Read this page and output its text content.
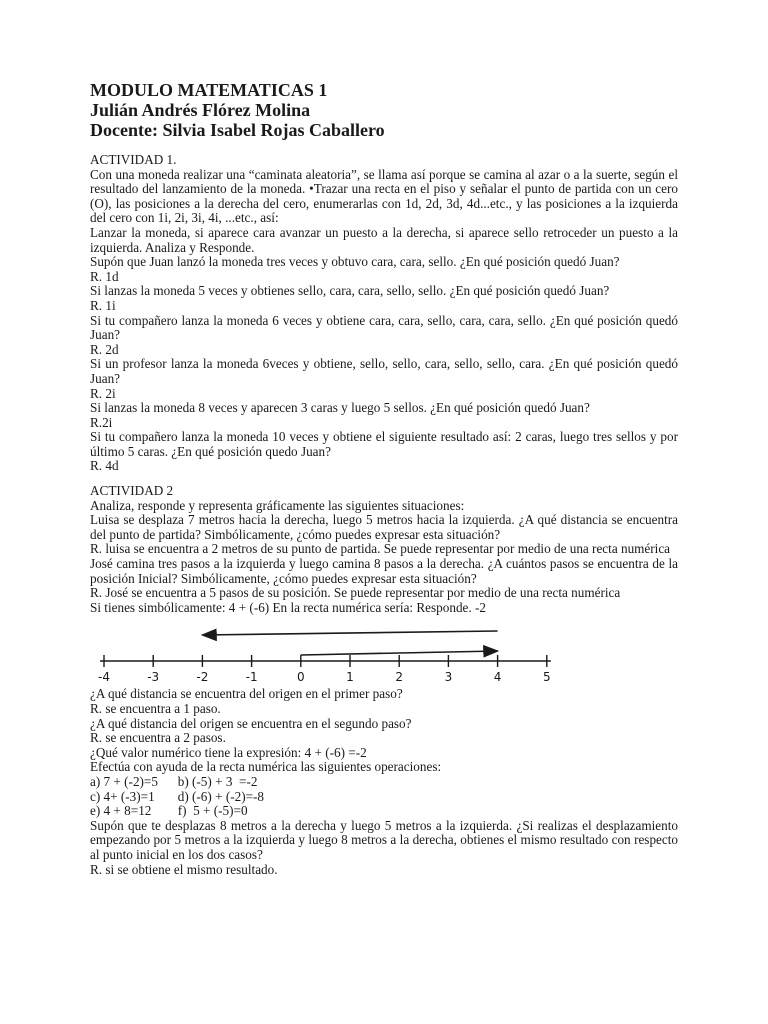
MODULO MATEMATICAS 1

Julián Andrés Flórez Molina

Docente: Silvia Isabel Rojas Caballero

ACTIVIDAD 1.

Con una moneda realizar una “caminata aleatoria”, se llama así porque se camina al azar o a la suerte, según el resultado del lanzamiento de la moneda. •Trazar una recta en el piso y señalar el punto de partida con un cero (O), las posiciones a la derecha del cero, enumerarlas con 1d, 2d, 3d, 4d...etc., y las posiciones a la izquierda del cero con 1i, 2i, 3i, 4i, ...etc., así:

Lanzar la moneda, si aparece cara avanzar un puesto a la derecha, si aparece sello retroceder un puesto a la izquierda. Analiza y Responde.

Supón que Juan lanzó la moneda tres veces y obtuvo cara, cara, sello. ¿En qué posición quedó Juan?

R. 1d

Si lanzas la moneda 5 veces y obtienes sello, cara, cara, sello, sello. ¿En qué posición quedó Juan?

R. 1i

Si tu compañero lanza la moneda 6 veces y obtiene cara, cara, sello, cara, cara, sello. ¿En qué posición quedó Juan?

R. 2d

Si un profesor lanza la moneda 6veces y obtiene, sello, sello, cara, sello, sello, cara. ¿En qué posición quedó Juan?

R. 2i

Si lanzas la moneda 8 veces y aparecen 3 caras y luego 5 sellos. ¿En qué posición quedó Juan?

R.2i

Si tu compañero lanza la moneda 10 veces y obtiene el siguiente resultado así: 2 caras, luego tres sellos y por último 5 caras. ¿En qué posición quedo Juan?

R. 4d

ACTIVIDAD 2

Analiza, responde y representa gráficamente las siguientes situaciones:

Luisa se desplaza 7 metros hacia la derecha, luego 5 metros hacia la izquierda. ¿A qué distancia se encuentra del punto de partida? Simbólicamente, ¿cómo puedes expresar esta situación?

R. luisa se encuentra a 2 metros de su punto de partida. Se puede representar por medio de una recta numérica

José camina tres pasos a la izquierda y luego camina 8 pasos a la derecha. ¿A cuántos pasos se encuentra de la posición Inicial? Simbólicamente, ¿cómo puedes expresar esta situación?

R. José se encuentra a 5 pasos de su posición. Se puede representar por medio de una recta numérica

Si tienes simbólicamente: 4 + (-6) En la recta numérica sería: Responde. -2

-4	-3	-2	-1	0	1	2	3	4	5

¿A qué distancia se encuentra del origen en el primer paso?

R. se encuentra a 1 paso.

¿A qué distancia del origen se encuentra en el segundo paso?

R. se encuentra a 2 pasos.

¿Qué valor numérico tiene la expresión: 4 + (-6) =-2

Efectúa con ayuda de la recta numérica las siguientes operaciones:

a) 7 + (-2)=5      b) (-5) + 3  =-2

c) 4+ (-3)=1       d) (-6) + (-2)=-8

e) 4 + 8=12        f)  5 + (-5)=0

Supón que te desplazas 8 metros a la derecha y luego 5 metros a la izquierda. ¿Si realizas el desplazamiento empezando por 5 metros a la izquierda y luego 8 metros a la derecha, obtienes el mismo resultado con respecto al punto inicial en los dos casos?

R. si se obtiene el mismo resultado.
